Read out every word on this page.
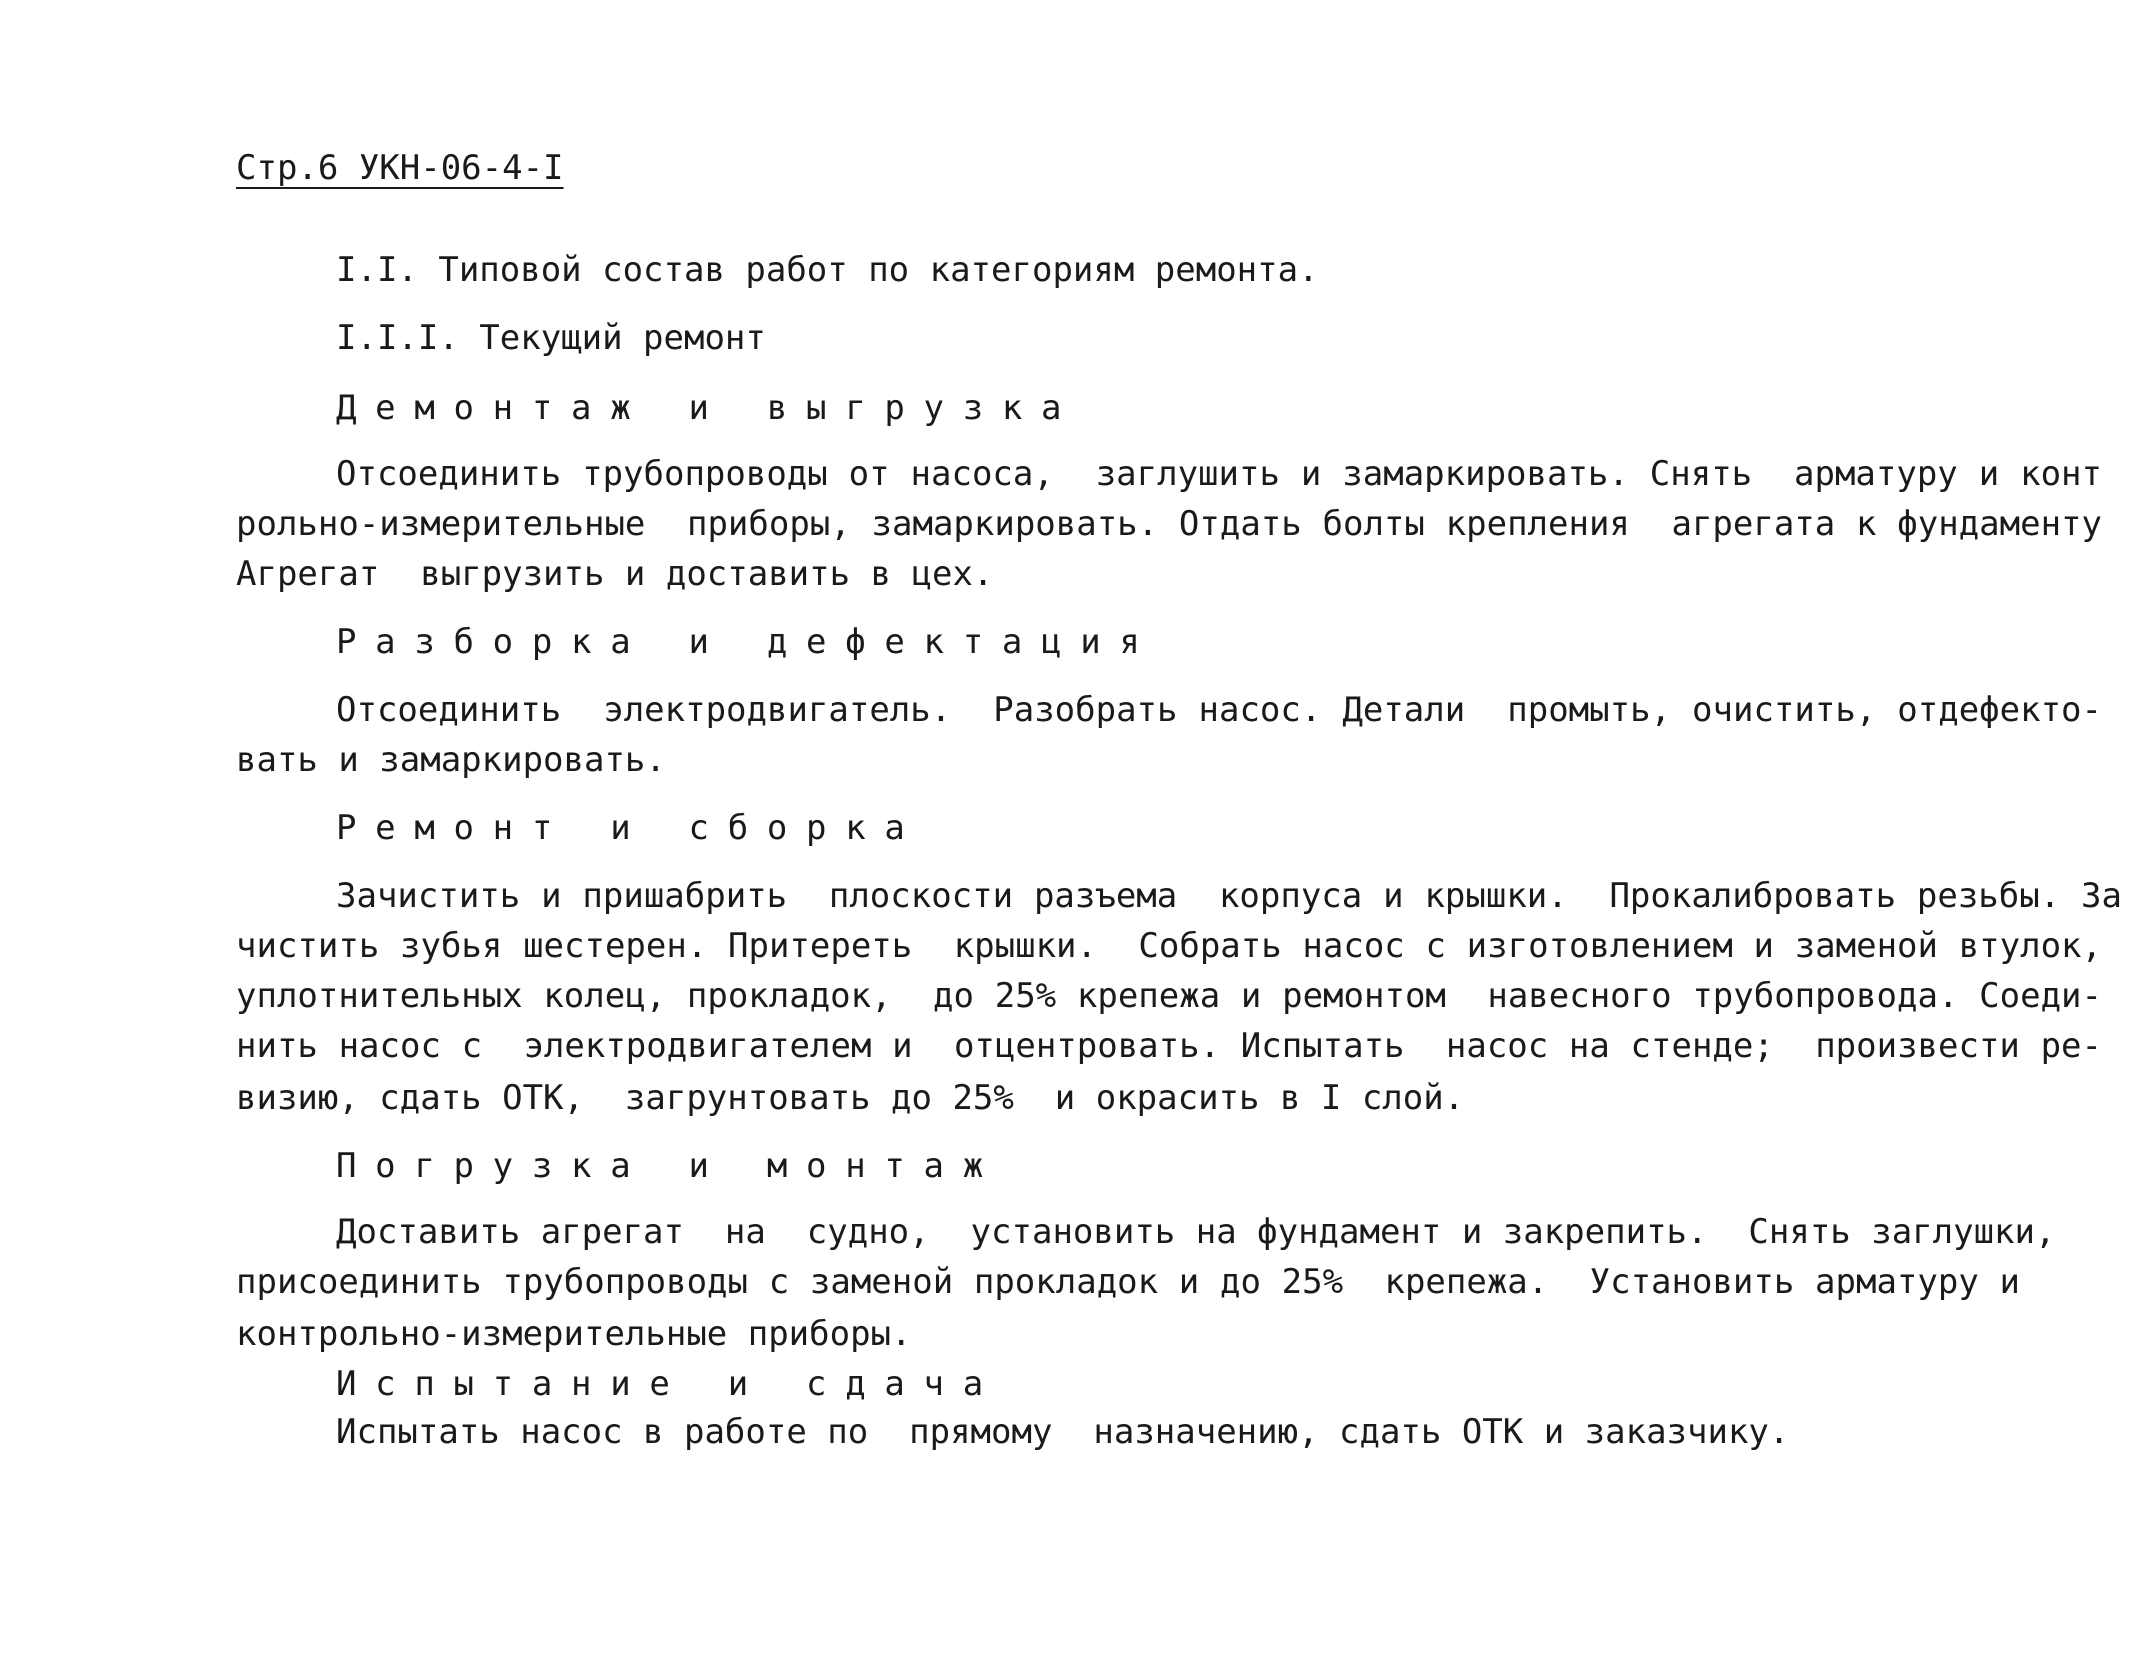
Стр.6 УКН-06-4-I
I.I. Типовой состав работ по категориям ремонта.
I.I.I. Текущий ремонт
Демонтаж и выгрузка
Отсоединить трубопроводы от насоса,  заглушить и замаркировать. Снять  арматуру и конт
рольно-измерительные  приборы, замаркировать. Отдать болты крепления  агрегата к фундаменту
Агрегат  выгрузить и доставить в цех.
Разборка и дефектация
Отсоединить  электродвигатель.  Разобрать насос. Детали  промыть, очистить, отдефекто-
вать и замаркировать.
Ремонт и сборка
Зачистить и пришабрить  плоскости разъема  корпуса и крышки.  Прокалибровать резьбы. За
чистить зубья шестерен. Притереть  крышки.  Собрать насос с изготовлением и заменой втулок,
уплотнительных колец, прокладок,  до 25% крепежа и ремонтом  навесного трубопровода. Соеди-
нить насос с  электродвигателем и  отцентровать. Испытать  насос на стенде;  произвести ре-
визию, сдать ОТК,  загрунтовать до 25%  и окрасить в I слой.
Погрузка и монтаж
Доставить агрегат  на  судно,  установить на фундамент и закрепить.  Снять заглушки,
присоединить трубопроводы с заменой прокладок и до 25%  крепежа.  Установить арматуру и
контрольно-измерительные приборы.
Испытание и сдача
Испытать насос в работе по  прямому  назначению, сдать ОТК и заказчику.
